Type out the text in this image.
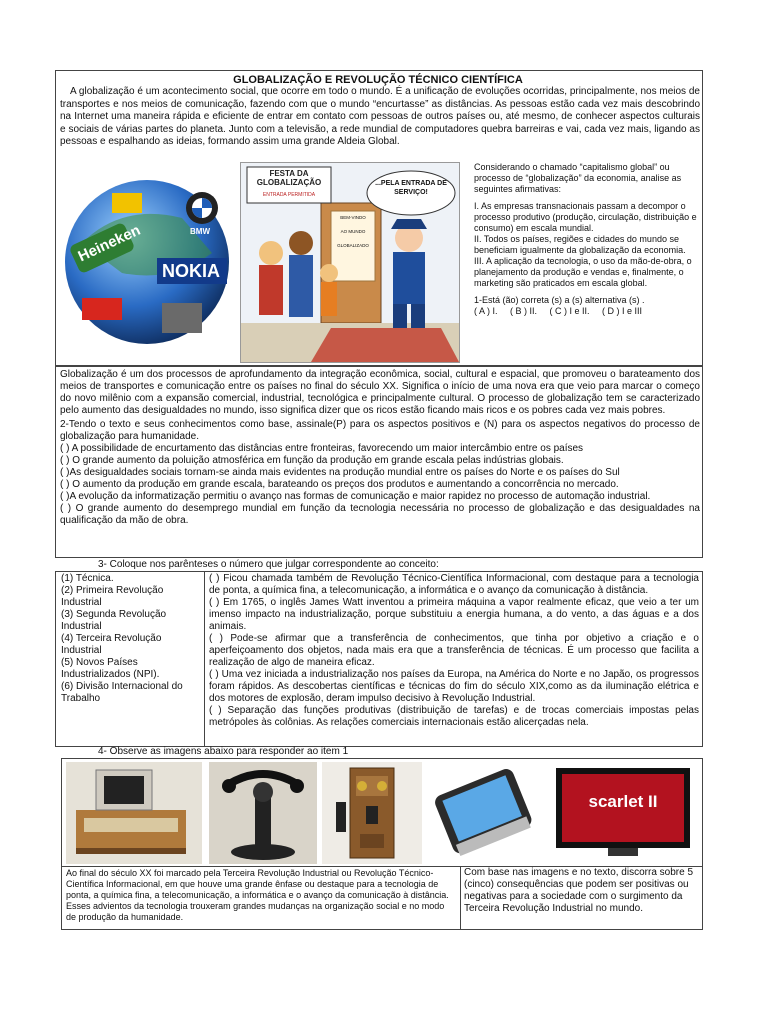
GLOBALIZAÇÃO E REVOLUÇÃO TÉCNICO CIENTÍFICA
A globalização é um acontecimento social, que ocorre em todo o mundo. É a unificação de evoluções ocorridas, principalmente, nos meios de transportes e nos meios de comunicação, fazendo com que o mundo “encurtasse” as distâncias. As pessoas estão cada vez mais descobrindo na Internet uma maneira rápida e eficiente de entrar em contato com pessoas de outros países ou, até mesmo, de conhecer aspectos culturais e sociais de várias partes do planeta. Junto com a televisão, a rede mundial de computadores quebra barreiras e vai, cada vez mais, ligando as pessoas e espalhando as ideias, formando assim uma grande Aldeia Global.
Heineken
NOKIA
BMW
FESTA DA GLOBALIZAÇÃO
ENTRADA PERMITIDA
...PELA ENTRADA DE SERVIÇO!
BEM-VINDO
AO MUNDO
GLOBALIZADO

Considerando o chamado “capitalismo global” ou processo de “globalização” da economia, analise as seguintes afirmativas:

I. As empresas transnacionais passam a decompor o processo produtivo (produção, circulação, distribuição e consumo) em escala mundial.

II. Todos os países, regiões e cidades do mundo se beneficiam igualmente da globalização da economia.

III. A aplicação da tecnologia, o uso da mão-de-obra, o planejamento da produção e vendas e, finalmente, o marketing são praticados em escala global.

1-Está (ão) correta (s) a (s) alternativa (s) .

( A ) I.     ( B ) II.     ( C ) I e II.     ( D ) I e III

Globalização é um dos processos de aprofundamento da integração econômica, social, cultural e espacial, que promoveu o barateamento dos meios de transportes e comunicação entre os países no final do século XX. Significa o início de uma nova era que veio para marcar o começo do novo milênio com a expansão comercial, industrial, tecnológica e principalmente cultural. O processo de globalização tem se caracterizado pelo aumento das desigualdades no mundo, isso significa dizer que os ricos estão ficando mais ricos e os pobres cada vez mais pobres.

2-Tendo o texto e seus conhecimentos como base, assinale(P) para os aspectos positivos e (N) para os aspectos negativos do processo de globalização para humanidade.

( ) A possibilidade de encurtamento das distâncias entre fronteiras, favorecendo um maior intercâmbio entre os países

( ) O grande aumento da poluição atmosférica em função da produção em grande escala pelas indústrias globais.

( )As desigualdades sociais tornam-se ainda mais evidentes na produção mundial entre os países do Norte e os países do Sul

( ) O aumento da produção em grande escala, barateando os preços dos produtos e aumentando a concorrência no mercado.

( )A evolução da informatização permitiu o avanço nas formas de comunicação e maior rapidez no processo de automação industrial.

( ) O grande aumento do desemprego mundial em função da tecnologia necessária no processo de globalização e das desigualdades na qualificação da mão de obra.

3- Coloque nos parênteses o número que julgar correspondente ao conceito:
(1) Técnica.
(2) Primeira Revolução Industrial
(3) Segunda Revolução Industrial
(4) Terceira Revolução Industrial
(5) Novos Países Industrializados (NPI).
(6) Divisão Internacional do Trabalho

( ) Ficou chamada também de Revolução Técnico-Científica Informacional, com destaque para a tecnologia de ponta, a química fina, a telecomunicação, a informática e o avanço da comunicação à distância.

( ) Em 1765, o inglês James Watt inventou a primeira máquina a vapor realmente eficaz, que veio a ter um imenso impacto na industrialização, porque substituiu a energia humana, a do vento, a das águas e a dos animais.

( ) Pode-se afirmar que a transferência de conhecimentos, que tinha por objetivo a criação e o aperfeiçoamento dos objetos, nada mais era que a transferência de técnicas. É um processo que facilita a realização de algo de maneira eficaz.

( ) Uma vez iniciada a industrialização nos países da Europa, na América do Norte e no Japão, os progressos foram rápidos. As descobertas científicas e técnicas do fim do século XIX,como as da iluminação elétrica e dos motores de explosão, deram impulso decisivo à Revolução Industrial.

( ) Separação das funções produtivas (distribuição de tarefas) e de trocas comerciais impostas pelas metrópoles às colônias. As relações comerciais internacionais estão alicerçadas nela.

4- Observe as imagens abaixo para responder ao item 1
scarlet II
Ao final do século XX foi marcado pela Terceira Revolução Industrial ou Revolução Técnico-Científica Informacional, em que houve uma grande ênfase ou destaque para a tecnologia de ponta, a química fina, a telecomunicação, a informática e o avanço da comunicação à distância. Esses advientos da tecnologia trouxeram grandes mudanças na organização social e no modo de produção da humanidade.
Com base nas imagens e no texto, discorra sobre 5 (cinco) consequências que podem ser positivas ou negativas para a sociedade com o surgimento da Terceira Revolução Industrial no mundo.
